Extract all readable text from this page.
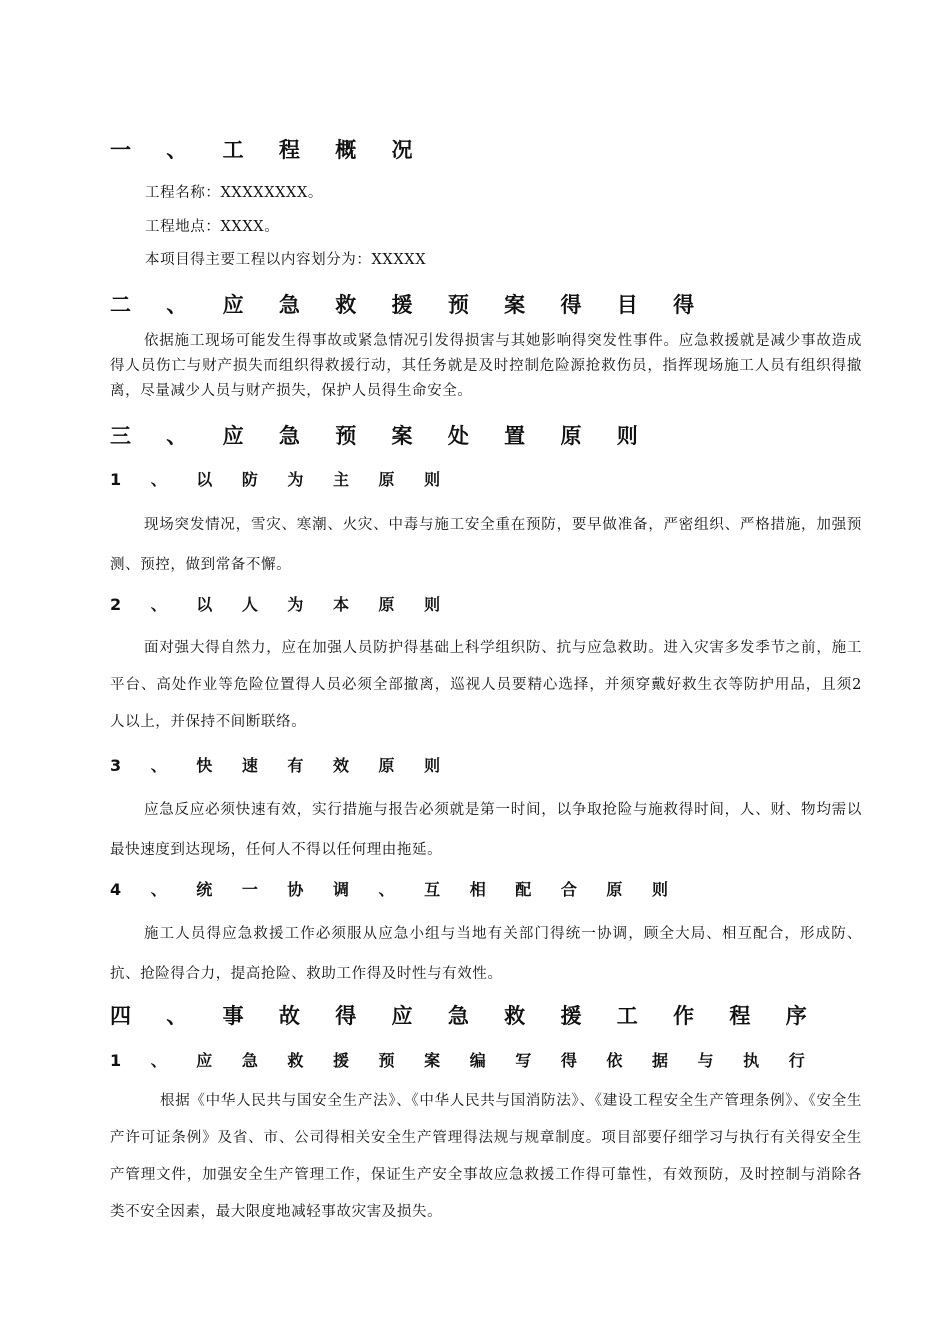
一 、 工 程 概 况

工程名称：XXXXXXXX。

工程地点：XXXX。

本项目得主要工程以内容划分为：XXXXX

二 、 应 急 救 援 预 案 得 目 得

依据施工现场可能发生得事故或紧急情况引发得损害与其她影响得突发性事件。应急救援就是减少事故造成得人员伤亡与财产损失而组织得救援行动，其任务就是及时控制危险源抢救伤员，指挥现场施工人员有组织得撤离，尽量减少人员与财产损失，保护人员得生命安全。

三 、 应 急 预 案 处 置 原 则
1 、 以 防 为 主 原 则

现场突发情况，雪灾、寒潮、火灾、中毒与施工安全重在预防，要早做准备，严密组织、严格措施，加强预测、预控，做到常备不懈。

2 、 以 人 为 本 原 则

面对强大得自然力，应在加强人员防护得基础上科学组织防、抗与应急救助。进入灾害多发季节之前，施工平台、高处作业等危险位置得人员必须全部撤离，巡视人员要精心选择，并须穿戴好救生衣等防护用品，且须2 人以上，并保持不间断联络。

3 、 快 速 有 效 原 则

应急反应必须快速有效，实行措施与报告必须就是第一时间，以争取抢险与施救得时间，人、财、物均需以最快速度到达现场，任何人不得以任何理由拖延。

4 、 统 一 协 调 、 互 相 配 合 原 则

施工人员得应急救援工作必须服从应急小组与当地有关部门得统一协调，顾全大局、相互配合，形成防、抗、抢险得合力，提高抢险、救助工作得及时性与有效性。

四 、 事 故 得 应 急 救 援 工 作 程 序
1 、 应 急 救 援 预 案 编 写 得 依 据 与 执 行

根据《中华人民共与国安全生产法》、《中华人民共与国消防法》、《建设工程安全生产管理条例》、《安全生产许可证条例》及省、市、公司得相关安全生产管理得法规与规章制度。项目部要仔细学习与执行有关得安全生产管理文件，加强安全生产管理工作，保证生产安全事故应急救援工作得可靠性，有效预防，及时控制与消除各类不安全因素，最大限度地减轻事故灾害及损失。
